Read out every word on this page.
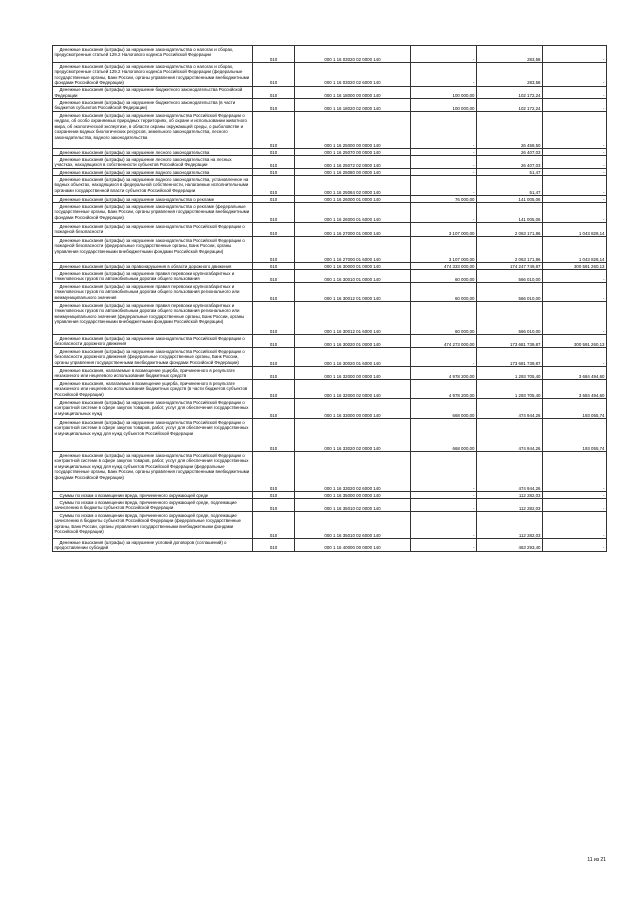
Денежные взыскания (штрафы) за нарушение законодательства о налогах и сборах, предусмотренные статьей 129.2 Налогового кодекса Российской Федерации	010	000 1 16 03020 02 0000 140	-	283,58	-
Денежные взыскания (штрафы) за нарушение законодательства о налогах и сборах, предусмотренные статьей 129.2 Налогового кодекса Российской Федерации (федеральные государственные органы, Банк России, органы управления государственными внебюджетными фондами Российской Федерации)	010	000 1 16 03020 02 6000 140	-	283,58	-
Денежные взыскания (штрафы) за нарушение бюджетного законодательства Российской Федерации	010	000 1 16 18000 00 0000 140	100 000,00	102 172,24	-
Денежные взыскания (штрафы) за нарушение бюджетного законодательства (в части бюджетов субъектов Российской Федерации)	010	000 1 16 18020 02 0000 140	100 000,00	102 172,24	-
Денежные взыскания (штрафы) за нарушение законодательства Российской Федерации о недрах, об особо охраняемых природных территориях, об охране и использовании животного мира, об экологической экспертизе, в области охраны окружающей среды, о рыболовстве и сохранении водных биологических ресурсов, земельного законодательства, лесного законодательства, водного законодательства	010	000 1 16 25000 00 0000 140	-	26 458,50	-
Денежные взыскания (штрафы) за нарушение лесного законодательства	010	000 1 16 25070 00 0000 140	-	26 407,03	-
Денежные взыскания (штрафы) за нарушение лесного законодательства на лесных участках, находящихся в собственности субъектов Российской Федерации	010	000 1 16 25072 02 0000 140	-	26 407,03	-
Денежные взыскания (штрафы) за нарушение водного законодательства	010	000 1 16 25080 00 0000 140	-	51,47	-
Денежные взыскания (штрафы) за нарушение водного законодательства, установленное на водных объектах, находящихся в федеральной собственности, налагаемые исполнительными органами государственной власти субъектов Российской Федерации	010	000 1 16 25084 02 0000 140	-	51,47	-
Денежные взыскания (штрафы) за нарушение законодательства о рекламе	010	000 1 16 26000 01 0000 140	76 000,00	141 005,06	-
Денежные взыскания (штрафы) за нарушение законодательства о рекламе (федеральные государственные органы, Банк России, органы управления государственными внебюджетными фондами Российской Федерации)	010	000 1 16 26000 01 6000 140	-	141 005,06	-
Денежные взыскания (штрафы) за нарушение законодательства Российской Федерации о пожарной безопасности	010	000 1 16 27000 01 0000 140	3 107 000,00	2 063 171,86	1 043 828,14
Денежные взыскания (штрафы) за нарушение законодательства Российской Федерации о пожарной безопасности (федеральные государственные органы, Банк России, органы управления государственными внебюджетными фондами Российской Федерации)	010	000 1 16 27000 01 6000 140	3 107 000,00	2 063 171,86	1 043 828,14
Денежные взыскания (штрафы) за правонарушения в области дорожного движения	010	000 1 16 30000 01 0000 140	474 333 000,00	174 247 749,87	300 591 260,13
Денежные взыскания (штрафы) за нарушение правил перевозки крупногабаритных и тяжеловесных грузов по автомобильным дорогам общего пользования	010	000 1 16 30010 01 0000 140	60 000,00	566 010,00	-
Денежные взыскания (штрафы) за нарушение правил перевозки крупногабаритных и тяжеловесных грузов по автомобильным дорогам общего пользования регионального или межмуниципального значения	010	000 1 16 30012 01 0000 140	60 000,00	566 010,00	-
Денежные взыскания (штрафы) за нарушение правил перевозки крупногабаритных и тяжеловесных грузов по автомобильным дорогам общего пользования регионального или межмуниципального значения (федеральные государственные органы, Банк России, органы управления государственными внебюджетными фондами Российской Федерации)	010	000 1 16 30012 01 6000 140	60 000,00	566 010,00	-
Денежные взыскания (штрафы) за нарушение законодательства Российской Федерации о безопасности дорожного движения	010	000 1 16 30020 01 0000 140	474 273 000,00	173 681 739,87	300 591 260,13
Денежные взыскания (штрафы) за нарушение законодательства Российской Федерации о безопасности дорожного движения (федеральные государственные органы, Банк России, органы управления государственными внебюджетными фондами Российской Федерации)	010	000 1 16 30020 01 6000 140	-	173 681 739,87	-
Денежные взыскания, налагаемые в возмещение ущерба, причиненного в результате незаконного или нецелевого использования бюджетных средств	010	000 1 16 32000 00 0000 140	4 978 200,00	1 293 705,40	3 684 494,60
Денежные взыскания, налагаемые в возмещение ущерба, причиненного в результате незаконного или нецелевого использования бюджетных средств (в части бюджетов субъектов Российской Федерации)	010	000 1 16 32000 02 0000 140	4 978 200,00	1 293 705,40	3 684 494,60
Денежные взыскания (штрафы) за нарушение законодательства Российской Федерации о контрактной системе в сфере закупок товаров, работ, услуг для обеспечения государственных и муниципальных нужд	010	000 1 16 33000 00 0000 140	668 000,00	474 944,26	193 055,74
Денежные взыскания (штрафы) за нарушение законодательства Российской Федерации о контрактной системе в сфере закупок товаров, работ, услуг для обеспечения государственных и муниципальных нужд для нужд субъектов Российской Федерации	010	000 1 16 33020 02 0000 140	668 000,00	474 944,26	193 055,74
Денежные взыскания (штрафы) за нарушение законодательства Российской Федерации о контрактной системе в сфере закупок товаров, работ, услуг для обеспечения государственных и муниципальных нужд для нужд субъектов Российской Федерации (федеральные государственные органы, Банк России, органы управления государственными внебюджетными фондами Российской Федерации)	010	000 1 16 33020 02 6000 140	-	474 944,26	-
Суммы по искам о возмещении вреда, причиненного окружающей среде	010	000 1 16 35000 00 0000 140	-	112 282,03	-
Суммы по искам о возмещении вреда, причиненного окружающей среде, подлежащие зачислению в бюджеты субъектов Российской Федерации	010	000 1 16 35010 02 0000 140	-	112 282,03	-
Суммы по искам о возмещении вреда, причиненного окружающей среде, подлежащие зачислению в бюджеты субъектов Российской Федерации (федеральные государственные органы, Банк России, органы управления государственными внебюджетными фондами Российской Федерации)	010	000 1 16 35010 02 6000 140	-	112 282,03	-
Денежные взыскания (штрафы) за нарушение условий договоров (соглашений) о предоставлении субсидий	010	000 1 16 40000 00 0000 140	-	463 293,40	-
11 из 21
